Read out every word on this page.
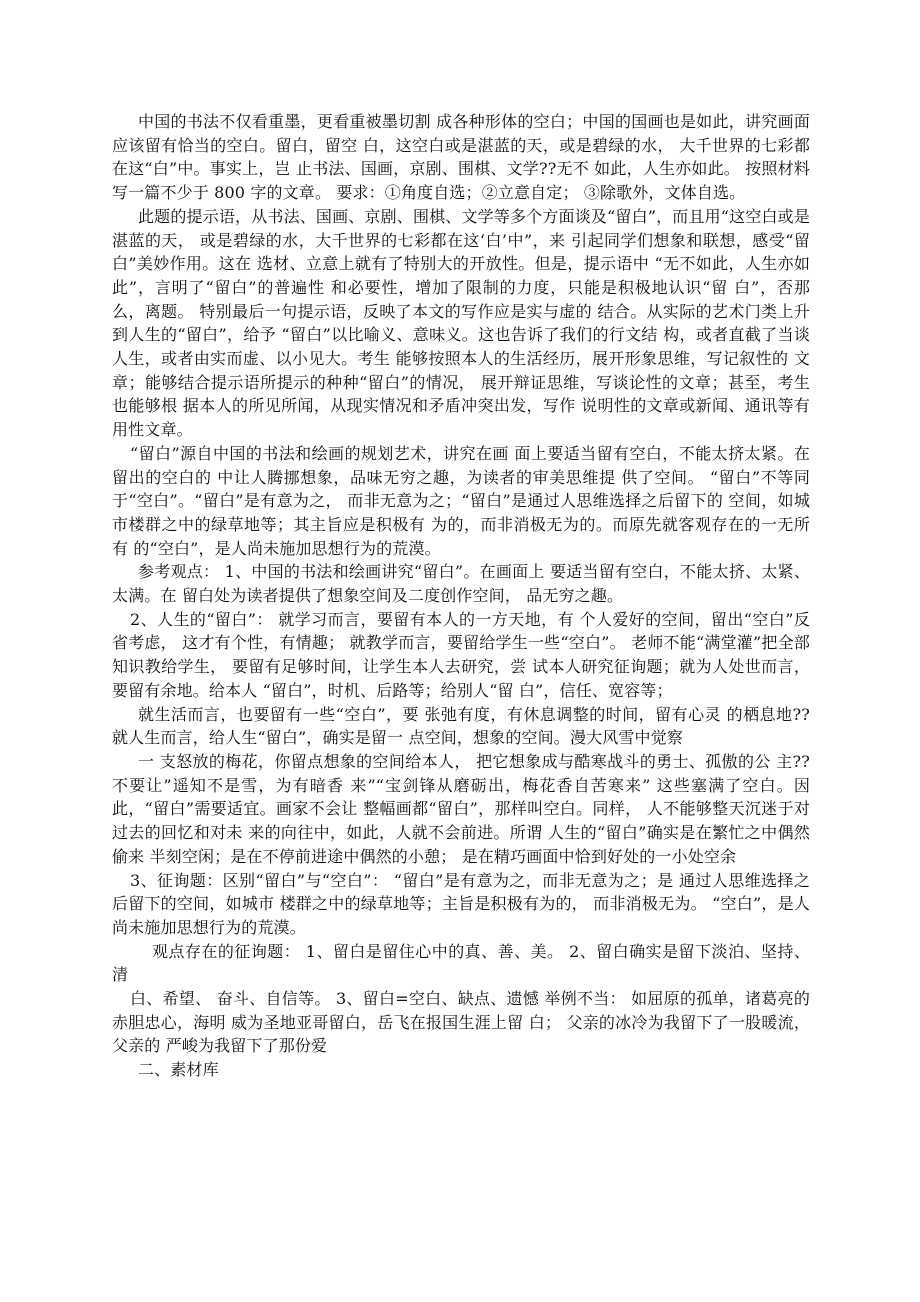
中国的书法不仅看重墨，更看重被墨切割 成各种形体的空白；中国的国画也是如此，讲究画面应该留有恰当的空白。留白，留空 白，这空白或是湛蓝的天，或是碧绿的水， 大千世界的七彩都在这“白”中。事实上，岂 止书法、国画，京剧、围棋、文学??无不 如此，人生亦如此。 按照材料写一篇不少于 800 字的文章。 要求：①角度自选；②立意自定； ③除歌外，文体自选。

此题的提示语，从书法、国画、京剧、围棋、文学等多个方面谈及“留白”，而且用“这空白或是湛蓝的天， 或是碧绿的水，大千世界的七彩都在这‘白’中”，来 引起同学们想象和联想，感受“留白”美妙作用。这在 选材、立意上就有了特别大的开放性。但是，提示语中 “无不如此，人生亦如此”，言明了“留白”的普遍性 和必要性，增加了限制的力度，只能是积极地认识“留 白”，否那么，离题。 特别最后一句提示语，反映了本文的写作应是实与虚的 结合。从实际的艺术门类上升到人生的“留白”，给予 “留白”以比喻义、意味义。这也告诉了我们的行文结 构，或者直截了当谈人生，或者由实而虚、以小见大。考生 能够按照本人的生活经历，展开形象思维，写记叙性的 文章；能够结合提示语所提示的种种“留白”的情况， 展开辩证思维，写谈论性的文章；甚至，考生也能够根 据本人的所见所闻，从现实情况和矛盾冲突出发，写作 说明性的文章或新闻、通讯等有用性文章。

“留白”源自中国的书法和绘画的规划艺术，讲究在画 面上要适当留有空白，不能太挤太紧。在留出的空白的 中让人腾挪想象，品味无穷之趣，为读者的审美思维提 供了空间。 “留白”不等同于“空白”。“留白”是有意为之， 而非无意为之；“留白”是通过人思维选择之后留下的 空间，如城市楼群之中的绿草地等；其主旨应是积极有 为的，而非消极无为的。而原先就客观存在的一无所有 的“空白”，是人尚未施加思想行为的荒漠。

参考观点： 1、中国的书法和绘画讲究“留白”。在画面上 要适当留有空白，不能太挤、太紧、太满。在 留白处为读者提供了想象空间及二度创作空间， 品无穷之趣。

2、人生的“留白”： 就学习而言，要留有本人的一方天地，有 个人爱好的空间，留出“空白”反省考虑， 这才有个性，有情趣； 就教学而言，要留给学生一些“空白”。 老师不能“满堂灌”把全部知识教给学生， 要留有足够时间，让学生本人去研究，尝 试本人研究征询题；就为人处世而言，要留有余地。给本人 “留白”，时机、后路等；给别人“留 白”，信任、宽容等；

就生活而言，也要留有一些“空白”，要 张弛有度，有休息调整的时间，留有心灵 的栖息地?? 就人生而言，给人生“留白”，确实是留一 点空间，想象的空间。漫大风雪中觉察

一 支怒放的梅花，你留点想象的空间给本人， 把它想象成与酷寒战斗的勇士、孤傲的公 主??不要让”遥知不是雪，为有暗香 来”“宝剑锋从磨砺出，梅花香自苦寒来” 这些塞满了空白。因此，“留白”需要适宜。画家不会让 整幅画都“留白”，那样叫空白。同样， 人不能够整天沉迷于对过去的回忆和对未 来的向往中，如此，人就不会前进。所谓 人生的“留白”确实是在繁忙之中偶然偷来 半刻空闲；是在不停前进途中偶然的小憩； 是在精巧画面中恰到好处的一小处空余

3、征询题：区别“留白”与“空白”： “留白”是有意为之，而非无意为之；是 通过人思维选择之后留下的空间，如城市 楼群之中的绿草地等；主旨是积极有为的， 而非消极无为。 “空白”，是人尚未施加思想行为的荒漠。

观点存在的征询题： 1、留白是留住心中的真、善、美。 2、留白确实是留下淡泊、坚持、清

白、希望、 奋斗、自信等。 3、留白=空白、缺点、遗憾 举例不当： 如屈原的孤单，诸葛亮的赤胆忠心，海明 威为圣地亚哥留白，岳飞在报国生涯上留 白； 父亲的冰冷为我留下了一股暖流，父亲的 严峻为我留下了那份爱

二、素材库
